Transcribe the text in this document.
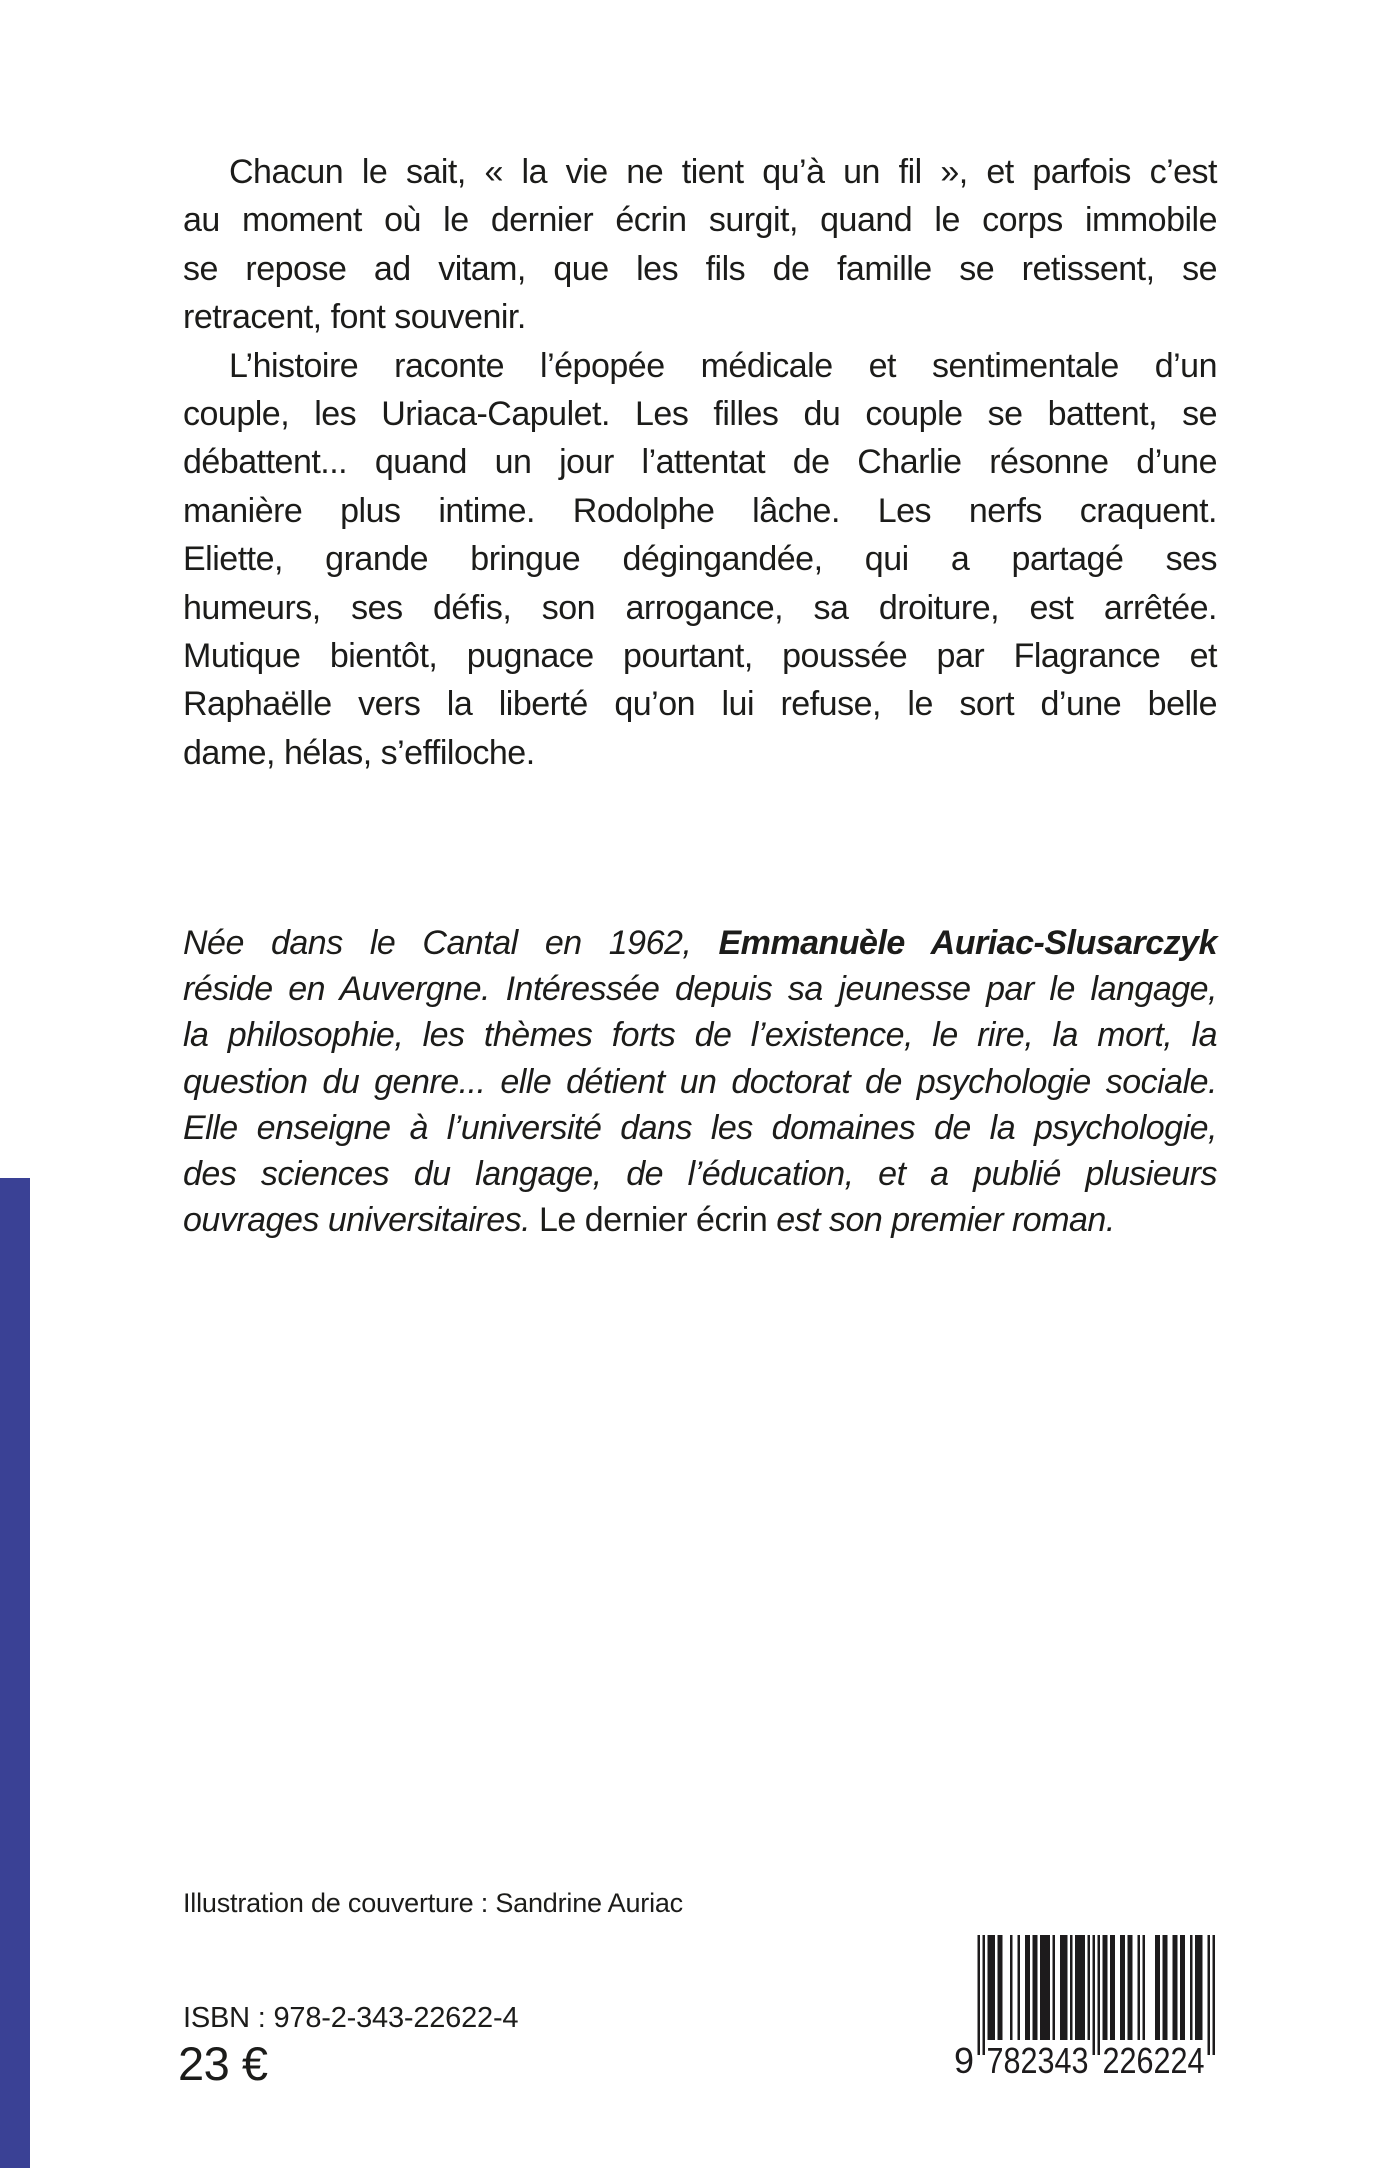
Chacun le sait, « la vie ne tient qu’à un fil », et parfois c’est
au moment où le dernier écrin surgit, quand le corps immobile
se repose ad vitam, que les fils de famille se retissent, se
retracent, font souvenir.
L’histoire raconte l’épopée médicale et sentimentale d’un
couple, les Uriaca-Capulet. Les filles du couple se battent, se
débattent... quand un jour l’attentat de Charlie résonne d’une
manière plus intime. Rodolphe lâche. Les nerfs craquent.
Eliette, grande bringue dégingandée, qui a partagé ses
humeurs, ses défis, son arrogance, sa droiture, est arrêtée.
Mutique bientôt, pugnace pourtant, poussée par Flagrance et
Raphaëlle vers la liberté qu’on lui refuse, le sort d’une belle
dame, hélas, s’effiloche.
Née dans le Cantal en 1962, Emmanuèle Auriac-Slusarczyk
réside en Auvergne. Intéressée depuis sa jeunesse par le langage,
la philosophie, les thèmes forts de l’existence, le rire, la mort, la
question du genre... elle détient un doctorat de psychologie sociale.
Elle enseigne à l’université dans les domaines de la psychologie,
des sciences du langage, de l’éducation, et a publié plusieurs
ouvrages universitaires. Le dernier écrin est son premier roman.
Illustration de couverture : Sandrine Auriac
ISBN : 978-2-343-22622-4
23 €	9 782343 226224
